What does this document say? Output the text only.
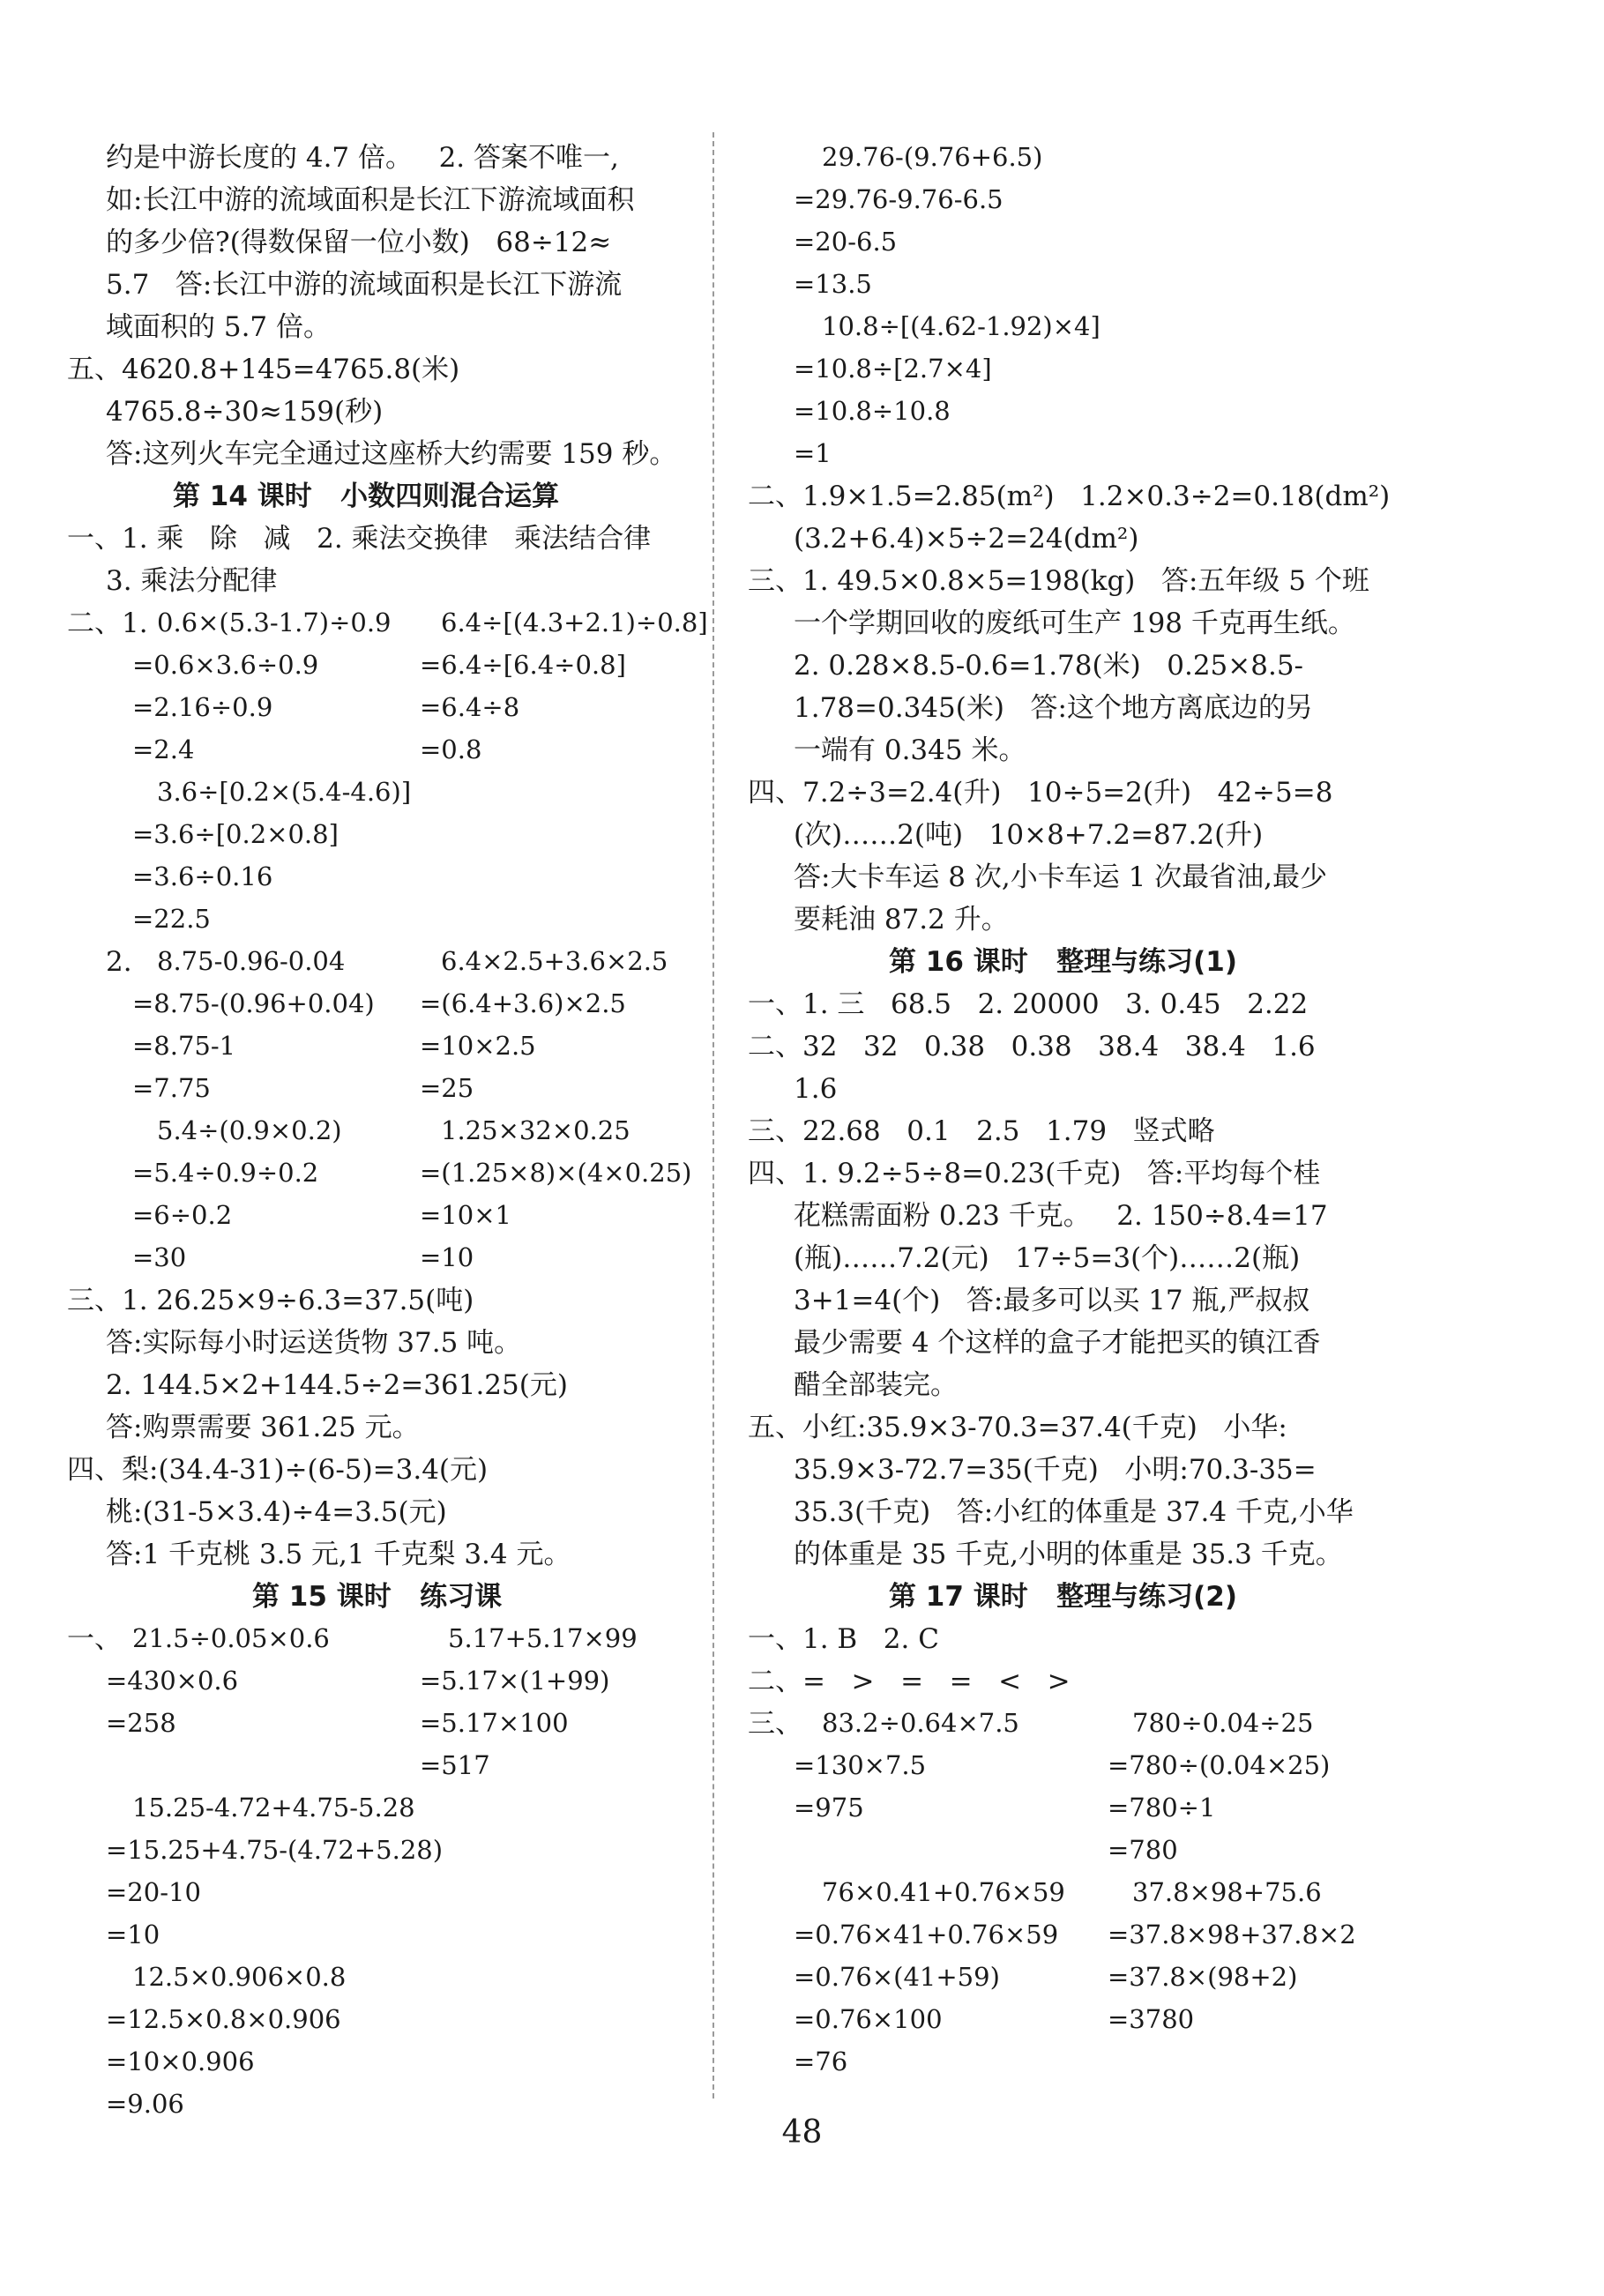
约是中游长度的 4.7 倍。   2. 答案不唯一,
如:长江中游的流域面积是长江下游流域面积
的多少倍?(得数保留一位小数)   68÷12≈
5.7   答:长江中游的流域面积是长江下游流
域面积的 5.7 倍。
五、4620.8+145=4765.8(米)
4765.8÷30≈159(秒)
答:这列火车完全通过这座桥大约需要 159 秒。
第 14 课时   小数四则混合运算
一、1. 乘   除   减   2. 乘法交换律   乘法结合律
3. 乘法分配律
二、1. 0.6×(5.3-1.7)÷0.9 6.4÷[(4.3+2.1)÷0.8]
=0.6×3.6÷0.9	=6.4÷[6.4÷0.8]
=2.16÷0.9	=6.4÷8
=2.4	=0.8
3.6÷[0.2×(5.4-4.6)]
=3.6÷[0.2×0.8]
=3.6÷0.16
=22.5
2. 8.75-0.96-0.04	6.4×2.5+3.6×2.5
=8.75-(0.96+0.04) =(6.4+3.6)×2.5
=8.75-1	=10×2.5
=7.75	=25
5.4÷(0.9×0.2)	1.25×32×0.25
=5.4÷0.9÷0.2	=(1.25×8)×(4×0.25)
=6÷0.2	=10×1
=30	=10
三、1. 26.25×9÷6.3=37.5(吨)
答:实际每小时运送货物 37.5 吨。
2. 144.5×2+144.5÷2=361.25(元)
答:购票需要 361.25 元。
四、梨:(34.4-31)÷(6-5)=3.4(元)
桃:(31-5×3.4)÷4=3.5(元)
答:1 千克桃 3.5 元,1 千克梨 3.4 元。
第 15 课时   练习课
一、 21.5÷0.05×0.6	5.17+5.17×99
=430×0.6	=5.17×(1+99)
=258	=5.17×100
=517
15.25-4.72+4.75-5.28
=15.25+4.75-(4.72+5.28)
=20-10
=10
12.5×0.906×0.8
=12.5×0.8×0.906
=10×0.906
=9.06
29.76-(9.76+6.5)
=29.76-9.76-6.5
=20-6.5
=13.5
10.8÷[(4.62-1.92)×4]
=10.8÷[2.7×4]
=10.8÷10.8
=1
二、1.9×1.5=2.85(m²)   1.2×0.3÷2=0.18(dm²)
(3.2+6.4)×5÷2=24(dm²)
三、1. 49.5×0.8×5=198(kg)   答:五年级 5 个班
一个学期回收的废纸可生产 198 千克再生纸。
2. 0.28×8.5-0.6=1.78(米)   0.25×8.5-
1.78=0.345(米)   答:这个地方离底边的另
一端有 0.345 米。
四、7.2÷3=2.4(升)   10÷5=2(升)   42÷5=8
(次)……2(吨)   10×8+7.2=87.2(升)
答:大卡车运 8 次,小卡车运 1 次最省油,最少
要耗油 87.2 升。
第 16 课时   整理与练习(1)
一、1. 三   68.5   2. 20000   3. 0.45   2.22
二、32   32   0.38   0.38   38.4   38.4   1.6
1.6
三、22.68   0.1   2.5   1.79   竖式略
四、1. 9.2÷5÷8=0.23(千克)   答:平均每个桂
花糕需面粉 0.23 千克。   2. 150÷8.4=17
(瓶)……7.2(元)   17÷5=3(个)……2(瓶)
3+1=4(个)   答:最多可以买 17 瓶,严叔叔
最少需要 4 个这样的盒子才能把买的镇江香
醋全部装完。
五、小红:35.9×3-70.3=37.4(千克)   小华:
35.9×3-72.7=35(千克)   小明:70.3-35=
35.3(千克)   答:小红的体重是 37.4 千克,小华
的体重是 35 千克,小明的体重是 35.3 千克。
第 17 课时   整理与练习(2)
一、1. B   2. C
二、=   >   =   =   <   >
三、 83.2÷0.64×7.5	780÷0.04÷25
=130×7.5	=780÷(0.04×25)
=975	=780÷1
=780
76×0.41+0.76×59	37.8×98+75.6
=0.76×41+0.76×59 =37.8×98+37.8×2
=0.76×(41+59)	=37.8×(98+2)
=0.76×100	=3780
=76
48
